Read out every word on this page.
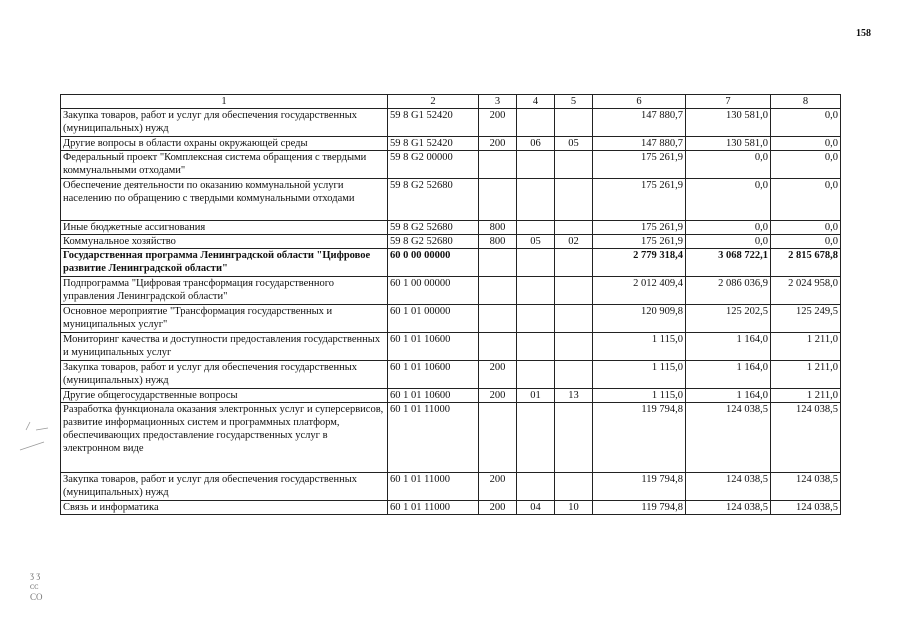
158
1	2	3	4	5	6	7	8
Закупка товаров, работ и услуг для обеспечения государственных (муниципальных) нужд	59 8 G1 52420	200			147 880,7	130 581,0	0,0
Другие вопросы в области охраны окружающей среды	59 8 G1 52420	200	06	05	147 880,7	130 581,0	0,0
Федеральный проект "Комплексная система обращения с твердыми коммунальными отходами"	59 8 G2 00000				175 261,9	0,0	0,0
Обеспечение деятельности по оказанию коммунальной услуги населению по обращению с твердыми коммунальными отходами	59 8 G2 52680				175 261,9	0,0	0,0
Иные бюджетные ассигнования	59 8 G2 52680	800			175 261,9	0,0	0,0
Коммунальное хозяйство	59 8 G2 52680	800	05	02	175 261,9	0,0	0,0
Государственная программа Ленинградской области "Цифровое развитие Ленинградской области"	60 0 00 00000				2 779 318,4	3 068 722,1	2 815 678,8
Подпрограмма "Цифровая трансформация государственного управления Ленинградской области"	60 1 00 00000				2 012 409,4	2 086 036,9	2 024 958,0
Основное мероприятие "Трансформация государственных и муниципальных услуг"	60 1 01 00000				120 909,8	125 202,5	125 249,5
Мониторинг качества и доступности предоставления государственных и муниципальных услуг	60 1 01 10600				1 115,0	1 164,0	1 211,0
Закупка товаров, работ и услуг для обеспечения государственных (муниципальных) нужд	60 1 01 10600	200			1 115,0	1 164,0	1 211,0
Другие общегосударственные вопросы	60 1 01 10600	200	01	13	1 115,0	1 164,0	1 211,0
Разработка функционала оказания электронных услуг и суперсервисов, развитие информационных систем и программных платформ, обеспечивающих предоставление государственных услуг в электронном виде	60 1 01 11000				119 794,8	124 038,5	124 038,5
Закупка товаров, работ и услуг для обеспечения государственных (муниципальных) нужд	60 1 01 11000	200			119 794,8	124 038,5	124 038,5
Связь и информатика	60 1 01 11000	200	04	10	119 794,8	124 038,5	124 038,5
ʒ ʒ
ᴄᴄ
CO
